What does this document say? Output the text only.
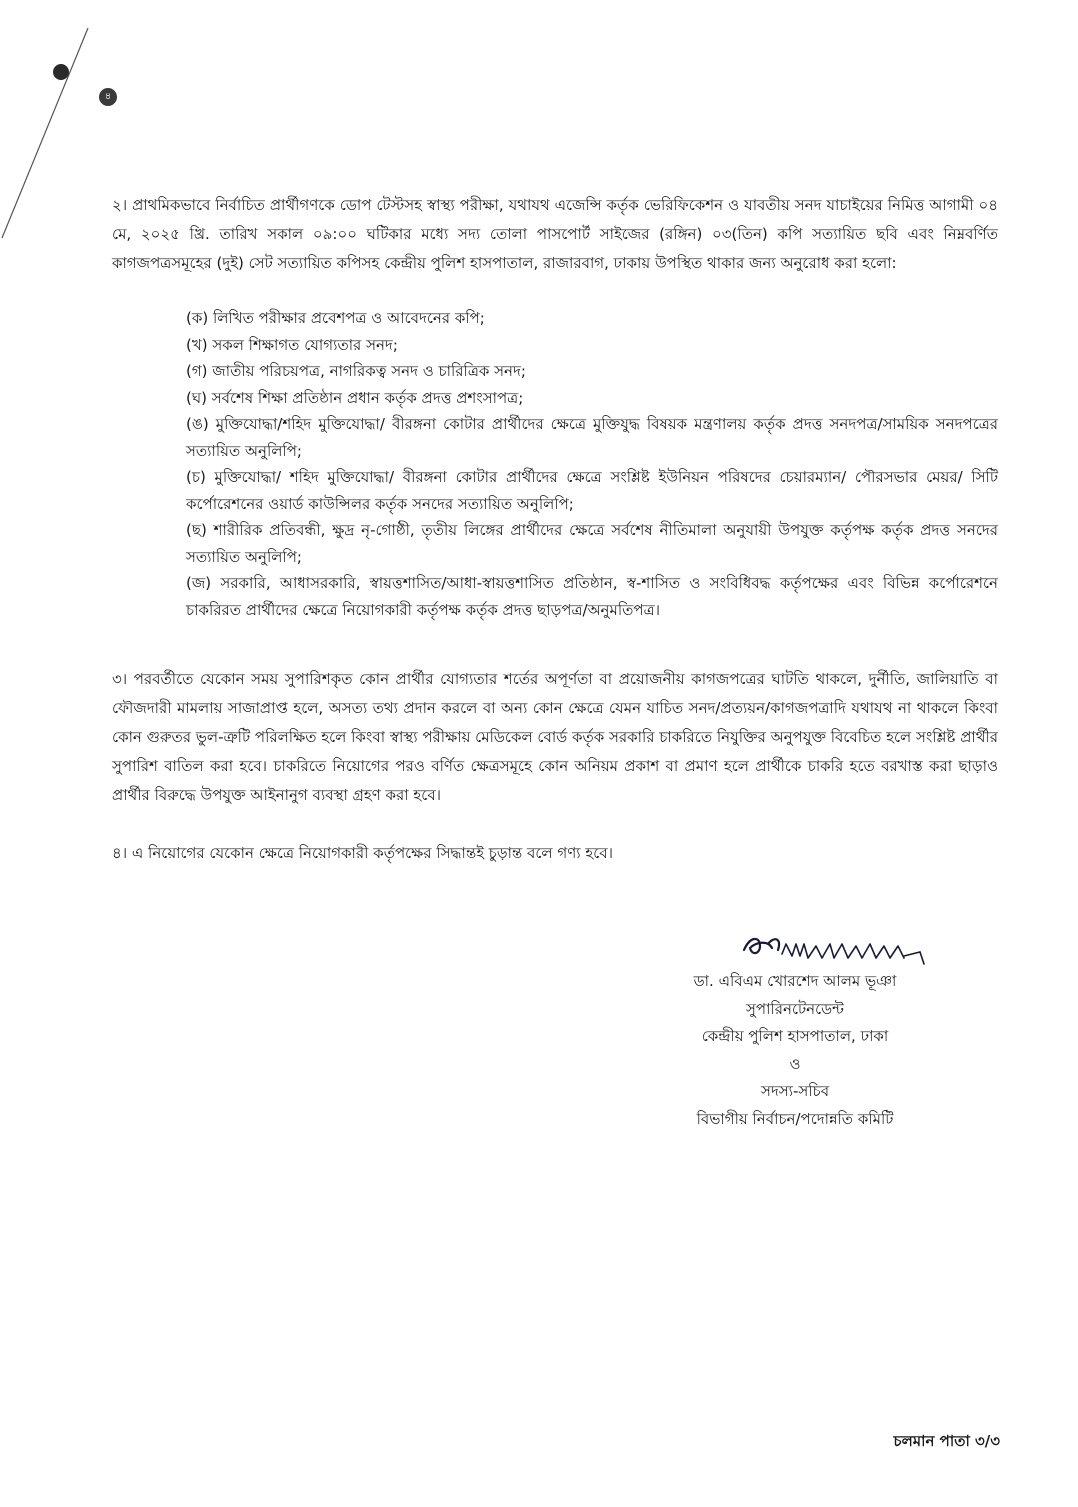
৪

২। প্রাথমিকভাবে নির্বাচিত প্রার্থীগণকে ডোপ টেস্টসহ স্বাস্থ্য পরীক্ষা, যথাযথ এজেন্সি কর্তৃক ভেরিফিকেশন ও যাবতীয় সনদ যাচাইয়ের নিমিত্ত আগামী ০৪ মে, ২০২৫ খ্রি. তারিখ সকাল ০৯:০০ ঘটিকার মধ্যে সদ্য তোলা পাসপোর্ট সাইজের (রঙ্গিন) ০৩(তিন) কপি সত্যায়িত ছবি এবং নিম্নবর্ণিত কাগজপত্রসমূহের (দুই) সেট সত্যায়িত কপিসহ কেন্দ্রীয় পুলিশ হাসপাতাল, রাজারবাগ, ঢাকায় উপস্থিত থাকার জন্য অনুরোধ করা হলো:

(ক) লিখিত পরীক্ষার প্রবেশপত্র ও আবেদনের কপি;
(খ) সকল শিক্ষাগত যোগ্যতার সনদ;
(গ) জাতীয় পরিচয়পত্র, নাগরিকত্ব সনদ ও চারিত্রিক সনদ;
(ঘ) সর্বশেষ শিক্ষা প্রতিষ্ঠান প্রধান কর্তৃক প্রদত্ত প্রশংসাপত্র;
(ঙ) মুক্তিযোদ্ধা/শহিদ মুক্তিযোদ্ধা/ বীরঙ্গনা কোটার প্রার্থীদের ক্ষেত্রে মুক্তিযুদ্ধ বিষয়ক মন্ত্রণালয় কর্তৃক প্রদত্ত সনদপত্র/সাময়িক সনদপত্রের সত্যায়িত অনুলিপি;
(চ) মুক্তিযোদ্ধা/ শহিদ মুক্তিযোদ্ধা/ বীরঙ্গনা কোটার প্রার্থীদের ক্ষেত্রে সংশ্লিষ্ট ইউনিয়ন পরিষদের চেয়ারম্যান/ পৌরসভার মেয়র/ সিটি কর্পোরেশনের ওয়ার্ড কাউন্সিলর কর্তৃক সনদের সত্যায়িত অনুলিপি;
(ছ) শারীরিক প্রতিবন্ধী, ক্ষুদ্র নৃ-গোষ্ঠী, তৃতীয় লিঙ্গের প্রার্থীদের ক্ষেত্রে সর্বশেষ নীতিমালা অনুযায়ী উপযুক্ত কর্তৃপক্ষ কর্তৃক প্রদত্ত সনদের সত্যায়িত অনুলিপি;
(জ) সরকারি, আধাসরকারি, স্বায়ত্তশাসিত/আধা-স্বায়ত্তশাসিত প্রতিষ্ঠান, স্ব-শাসিত ও সংবিধিবদ্ধ কর্তৃপক্ষের এবং বিভিন্ন কর্পোরেশনে চাকরিরত প্রার্থীদের ক্ষেত্রে নিয়োগকারী কর্তৃপক্ষ কর্তৃক প্রদত্ত ছাড়পত্র/অনুমতিপত্র।

৩। পরবর্তীতে যেকোন সময় সুপারিশকৃত কোন প্রার্থীর যোগ্যতার শর্তের অপূর্ণতা বা প্রয়োজনীয় কাগজপত্রের ঘাটতি থাকলে, দুর্নীতি, জালিয়াতি বা ফৌজদারী মামলায় সাজাপ্রাপ্ত হলে, অসত্য তথ্য প্রদান করলে বা অন্য কোন ক্ষেত্রে যেমন যাচিত সনদ/প্রত্যয়ন/কাগজপত্রাদি যথাযথ না থাকলে কিংবা কোন গুরুতর ভুল-ত্রুটি পরিলক্ষিত হলে কিংবা স্বাস্থ্য পরীক্ষায় মেডিকেল বোর্ড কর্তৃক সরকারি চাকরিতে নিযুক্তির অনুপযুক্ত বিবেচিত হলে সংশ্লিষ্ট প্রার্থীর সুপারিশ বাতিল করা হবে। চাকরিতে নিয়োগের পরও বর্ণিত ক্ষেত্রসমূহে কোন অনিয়ম প্রকাশ বা প্রমাণ হলে প্রার্থীকে চাকরি হতে বরখাস্ত করা ছাড়াও প্রার্থীর বিরুদ্ধে উপযুক্ত আইনানুগ ব্যবস্থা গ্রহণ করা হবে।

৪। এ নিয়োগের যেকোন ক্ষেত্রে নিয়োগকারী কর্তৃপক্ষের সিদ্ধান্তই চুড়ান্ত বলে গণ্য হবে।

ডা. এবিএম খোরশেদ আলম ভূঞা
সুপারিনটেনডেন্ট
কেন্দ্রীয় পুলিশ হাসপাতাল, ঢাকা
ও
সদস্য-সচিব
বিভাগীয় নির্বাচন/পদোন্নতি কমিটি
চলমান পাতা ৩/৩
